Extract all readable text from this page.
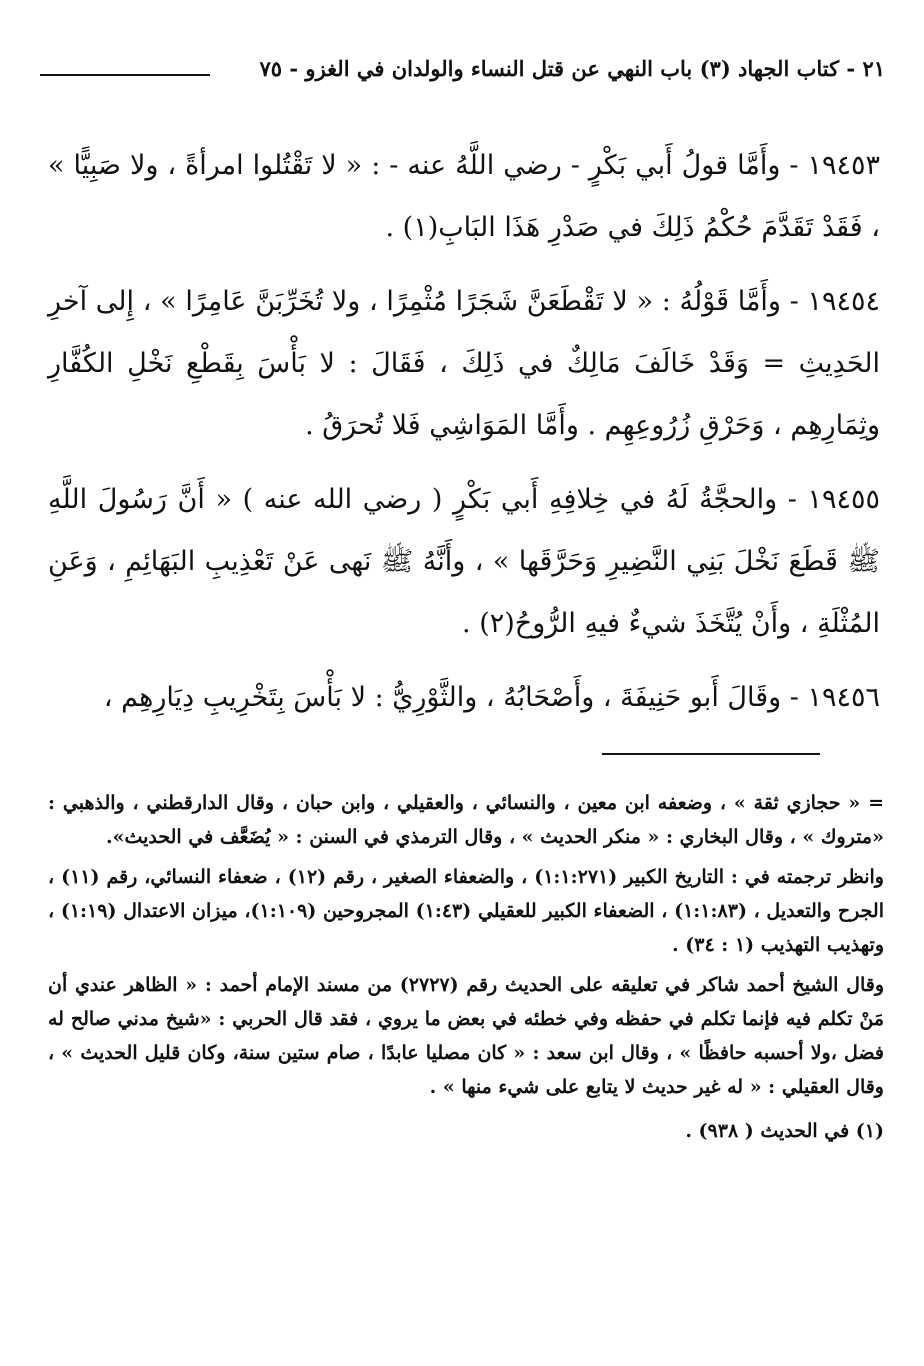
٢١ - كتاب الجهاد (٣) باب النهي عن قتل النساء والولدان في الغزو - ٧٥

١٩٤٥٣ - وأَمَّا قولُ أَبي بَكْرٍ - رضي اللَّهُ عنه - : « لا تَقْتُلوا امرأةً ، ولا صَبِيًّا » ، فَقَدْ تَقَدَّمَ حُكْمُ ذَلِكَ في صَدْرِ هَذَا البَابِ(١) .

١٩٤٥٤ - وأَمَّا قَوْلُهُ : « لا تَقْطَعَنَّ شَجَرًا مُثْمِرًا ، ولا تُخَرِّبَنَّ عَامِرًا » ، إِلى آخرِ الحَدِيثِ = وَقَدْ خَالَفَ مَالِكٌ في ذَلِكَ ، فَقَالَ : لا بَأْسَ بِقَطْعِ نَخْلِ الكُفَّارِ وثِمَارِهِم ، وَحَرْقِ زُرُوعِهِم . وأَمَّا المَوَاشِي فَلا تُحرَقُ .

١٩٤٥٥ - والحجَّةُ لَهُ في خِلافِهِ أَبي بَكْرٍ ( رضي الله عنه ) « أَنَّ رَسُولَ اللَّهِ ﷺ قَطَعَ نَخْلَ بَنِي النَّضِيرِ وَحَرَّقَها » ، وأَنَّهُ ﷺ نَهى عَنْ تَعْذِيبِ البَهَائِمِ ، وَعَنِ المُثْلَةِ ، وأَنْ يُتَّخَذَ شيءٌ فيهِ الرُّوحُ(٢) .

١٩٤٥٦ - وقَالَ أَبو حَنِيفَةَ ، وأَصْحَابُهُ ، والثَّوْرِيُّ : لا بَأْسَ بِتَخْرِيبِ دِيَارِهِم ،

= « حجازي ثقة » ، وضعفه ابن معين ، والنسائي ، والعقيلي ، وابن حبان ، وقال الدارقطني ، والذهبي : «متروك » ، وقال البخاري : « منكر الحديث » ، وقال الترمذي في السنن : « يُضَعَّف في الحديث».

وانظر ترجمته في : التاريخ الكبير (١:١:٢٧١) ، والضعفاء الصغير ، رقم (١٢) ، ضعفاء النسائي، رقم (١١) ، الجرح والتعديل ، (١:١:٨٣) ، الضعفاء الكبير للعقيلي (١:٤٣) المجروحين (١:١٠٩)، ميزان الاعتدال (١:١٩) ، وتهذيب التهذيب (١ : ٣٤) .

وقال الشيخ أحمد شاكر في تعليقه على الحديث رقم (٢٧٢٧) من مسند الإمام أحمد : « الظاهر عندي أن مَنْ تكلم فيه فإنما تكلم في حفظه وفي خطئه في بعض ما يروي ، فقد قال الحربي : «شيخ مدني صالح له فضل ،ولا أحسبه حافظًا » ، وقال ابن سعد : « كان مصليا عابدًا ، صام ستين سنة، وكان قليل الحديث » ، وقال العقيلي : « له غير حديث لا يتابع على شيء منها » .

(١) في الحديث ( ٩٣٨) .
